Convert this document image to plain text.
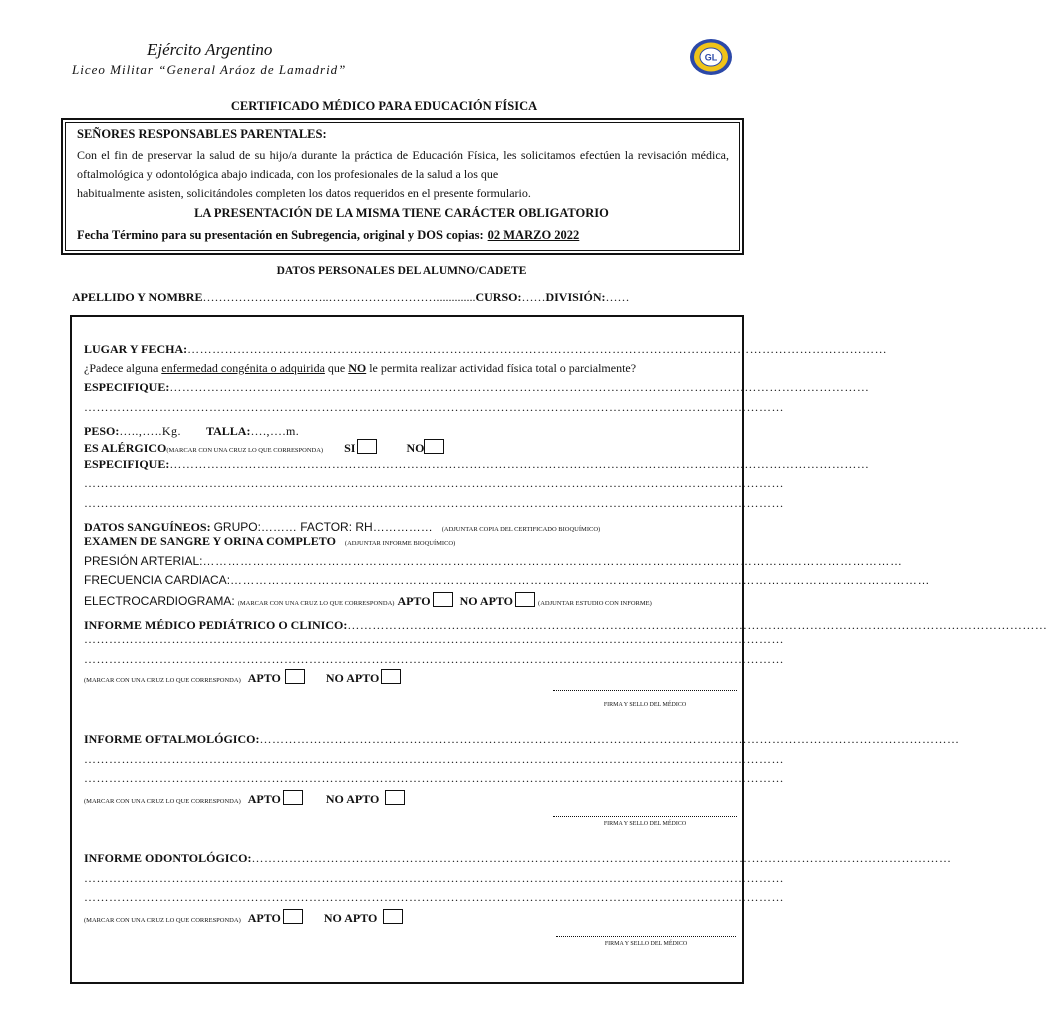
Ejército Argentino
Liceo Militar “General Aráoz de Lamadrid”
GL
CERTIFICADO MÉDICO PARA EDUCACIÓN FÍSICA
SEÑORES RESPONSABLES PARENTALES:
Con el fin de preservar la salud de su hijo/a durante la práctica de Educación Física, les solicitamos efectúen la revisación médica, oftalmológica y odontológica abajo indicada, con los profesionales de la salud a los que
habitualmente asisten, solicitándoles completen los datos requeridos en el presente formulario.
LA PRESENTACIÓN DE LA MISMA TIENE CARÁCTER OBLIGATORIO
Fecha Término para su presentación en Subregencia, original y DOS copias: 02 MARZO 2022
DATOS PERSONALES DEL ALUMNO/CADETE
APELLIDO Y NOMBRE…………………………..……………………….............CURSO:……DIVISIÓN:……
LUGAR Y FECHA:……………………………………………………………………………………………………………………………………………………
¿Padece alguna enfermedad congénita o adquirida que NO le permita realizar actividad física total o parcialmente?
ESPECIFIQUE:……………………………………………………………………………………………………………………………………………………
……………………………………………………………………………………………………………………………………………………
PESO:…..,…..Kg. TALLA:….,….m.
ES ALÉRGICO(MARCAR CON UNA CRUZ LO QUE CORRESPONDA) SI	NO
ESPECIFIQUE:……………………………………………………………………………………………………………………………………………………
……………………………………………………………………………………………………………………………………………………
……………………………………………………………………………………………………………………………………………………
DATOS SANGUÍNEOS: GRUPO:……… FACTOR: RH…………… (ADJUNTAR COPIA DEL CERTIFICADO BIOQUÍMICO)
EXAMEN DE SANGRE Y ORINA COMPLETO (ADJUNTAR INFORME BIOQUÍMICO)
PRESIÓN ARTERIAL:……………………………………………………………………………………………………………………………………………………
FRECUENCIA CARDIACA:……………………………………………………………………………………………………………………………………………………
ELECTROCARDIOGRAMA: (MARCAR CON UNA CRUZ LO QUE CORRESPONDA) APTO NO APTO	(ADJUNTAR ESTUDIO CON INFORME)
INFORME MÉDICO PEDIÁTRICO O CLINICO:……………………………………………………………………………………………………………………………………………………
……………………………………………………………………………………………………………………………………………………
……………………………………………………………………………………………………………………………………………………
(MARCAR CON UNA CRUZ LO QUE CORRESPONDA) APTO	NO APTO
FIRMA Y SELLO DEL MÉDICO
INFORME OFTALMOLÓGICO:……………………………………………………………………………………………………………………………………………………
……………………………………………………………………………………………………………………………………………………
……………………………………………………………………………………………………………………………………………………
(MARCAR CON UNA CRUZ LO QUE CORRESPONDA) APTO	NO APTO
FIRMA Y SELLO DEL MÉDICO
INFORME ODONTOLÓGICO:……………………………………………………………………………………………………………………………………………………
……………………………………………………………………………………………………………………………………………………
……………………………………………………………………………………………………………………………………………………
(MARCAR CON UNA CRUZ LO QUE CORRESPONDA) APTO	NO APTO
FIRMA Y SELLO DEL MÉDICO
